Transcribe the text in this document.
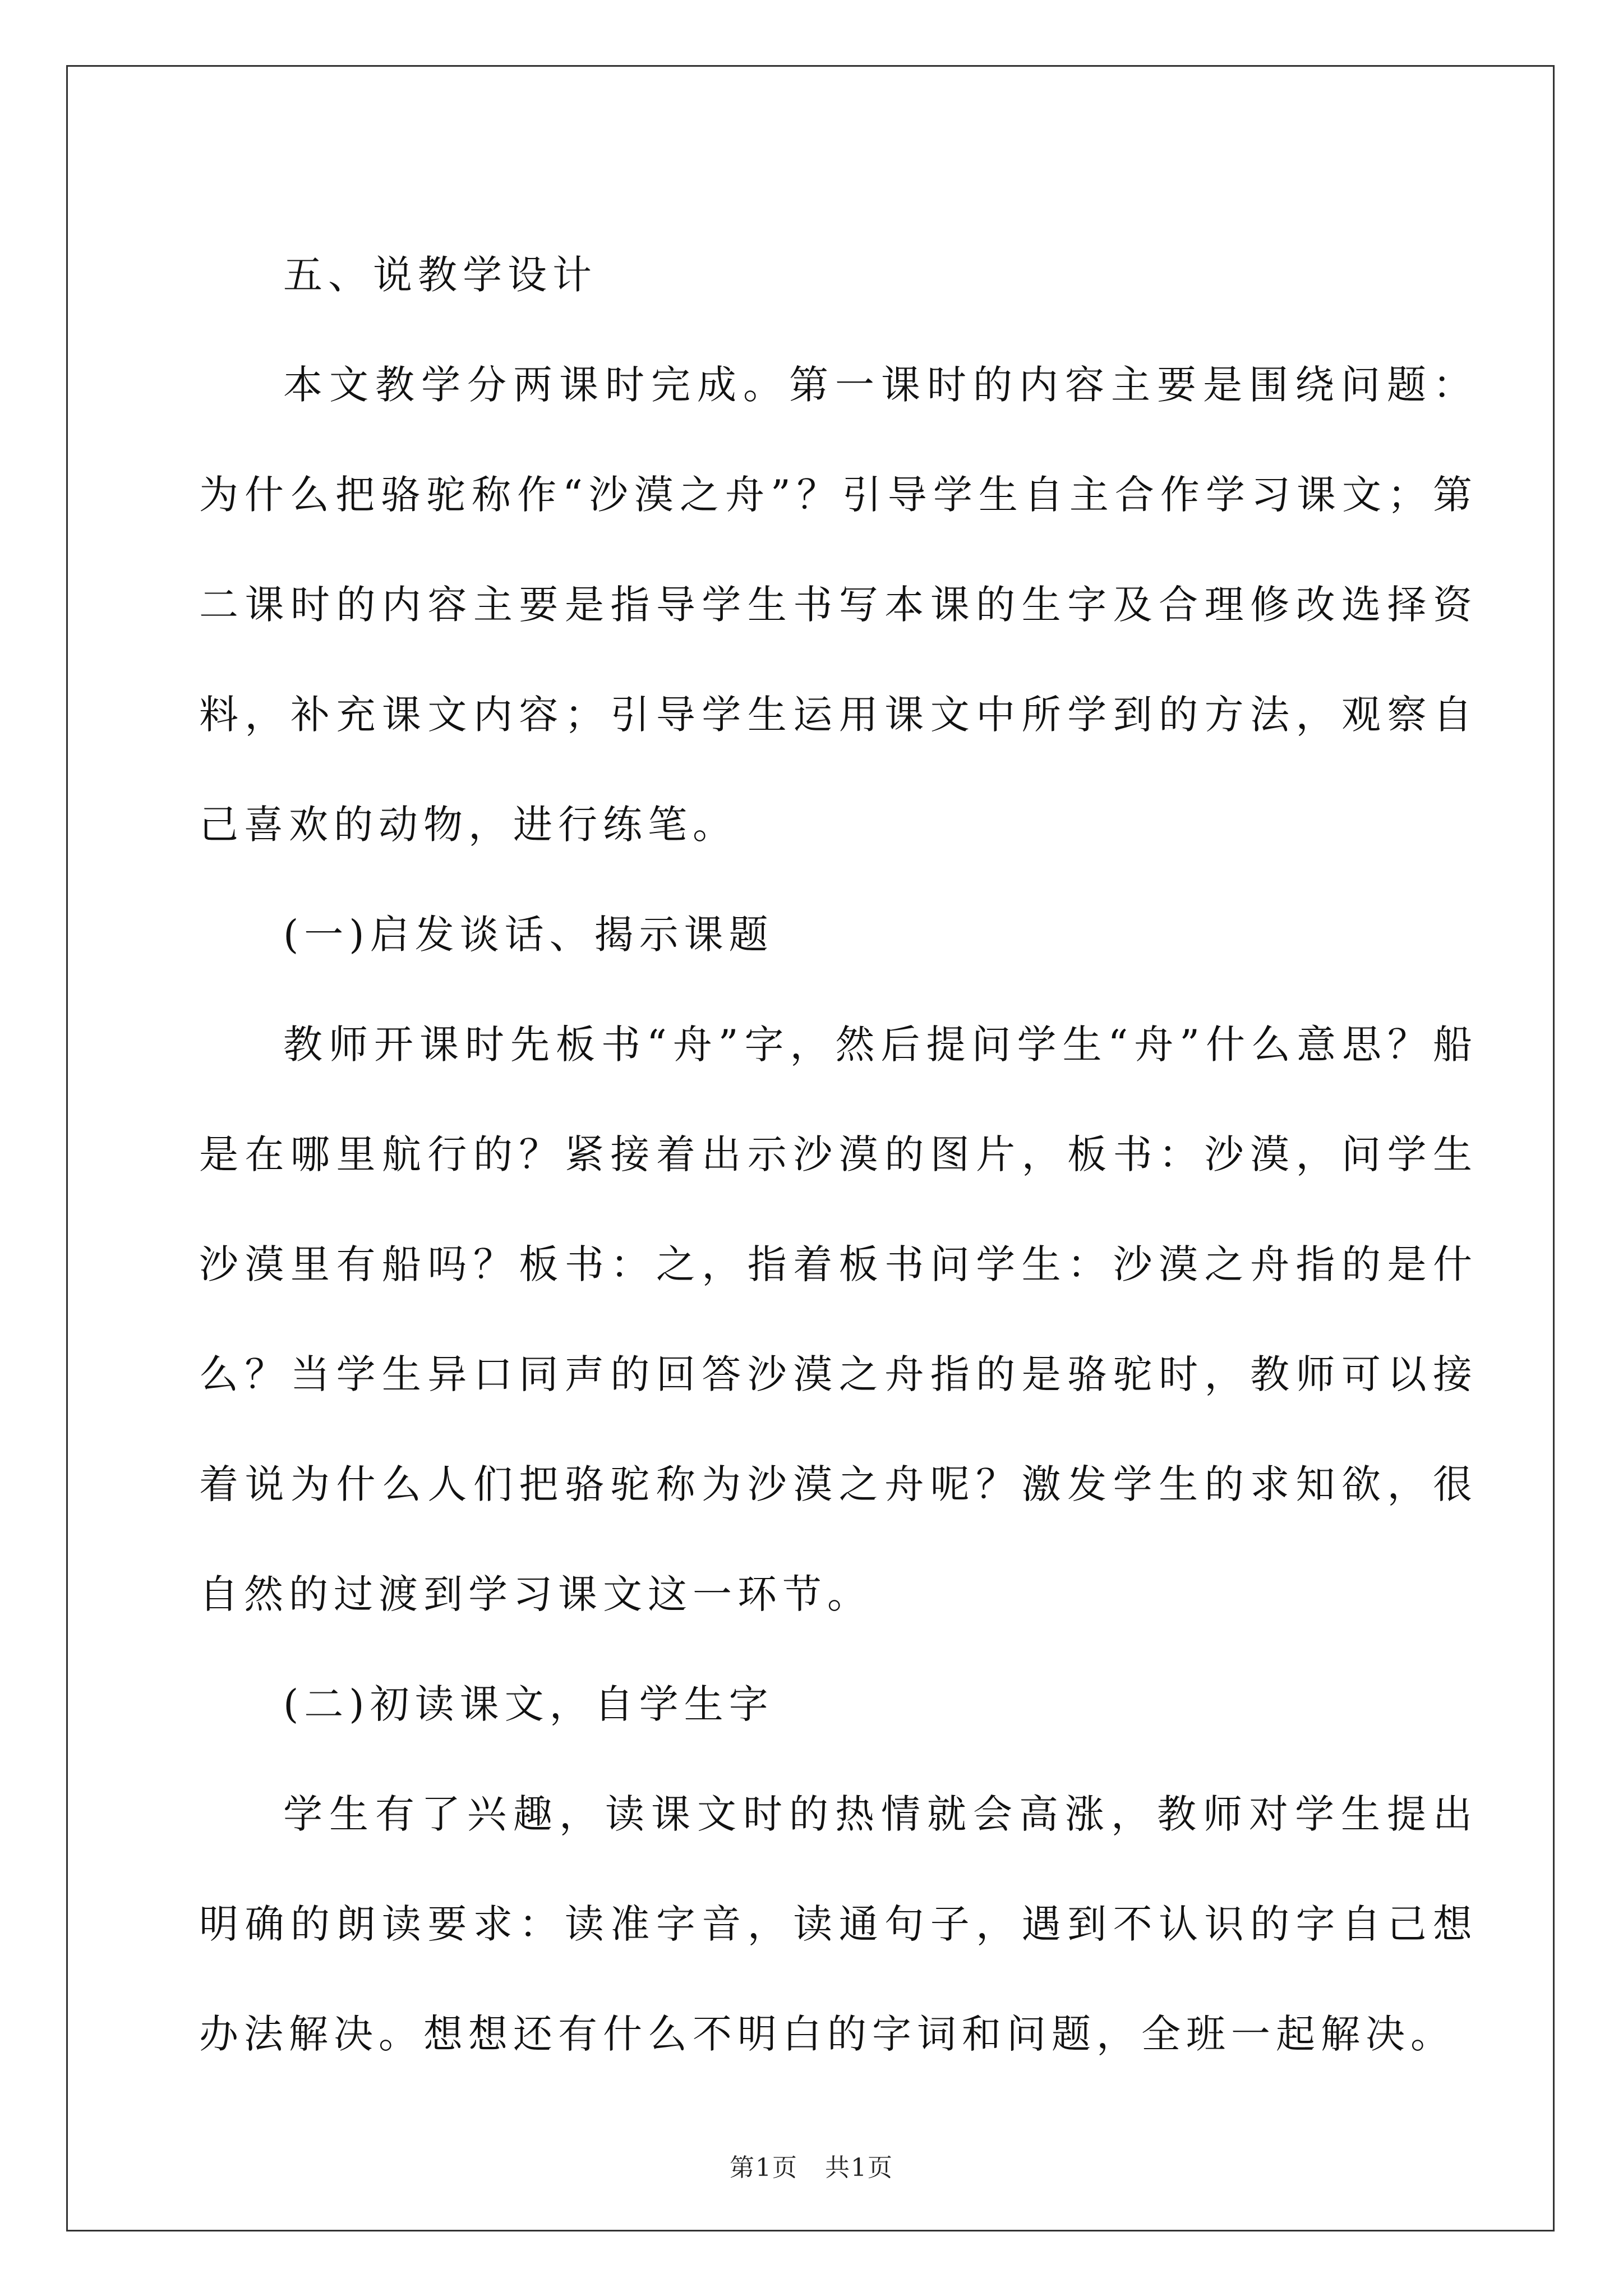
五、说教学设计

本文教学分两课时完成。第一课时的内容主要是围绕问题：为什么把骆驼称作“沙漠之舟”？引导学生自主合作学习课文；第二课时的内容主要是指导学生书写本课的生字及合理修改选择资料，补充课文内容；引导学生运用课文中所学到的方法，观察自己喜欢的动物，进行练笔。

(一)启发谈话、揭示课题

教师开课时先板书“舟”字，然后提问学生“舟”什么意思？船是在哪里航行的？紧接着出示沙漠的图片，板书：沙漠，问学生沙漠里有船吗？板书：之，指着板书问学生：沙漠之舟指的是什么？当学生异口同声的回答沙漠之舟指的是骆驼时，教师可以接着说为什么人们把骆驼称为沙漠之舟呢？激发学生的求知欲，很自然的过渡到学习课文这一环节。

(二)初读课文，自学生字

学生有了兴趣，读课文时的热情就会高涨，教师对学生提出明确的朗读要求：读准字音，读通句子，遇到不认识的字自己想办法解决。想想还有什么不明白的字词和问题，全班一起解决。

第1页 共1页
